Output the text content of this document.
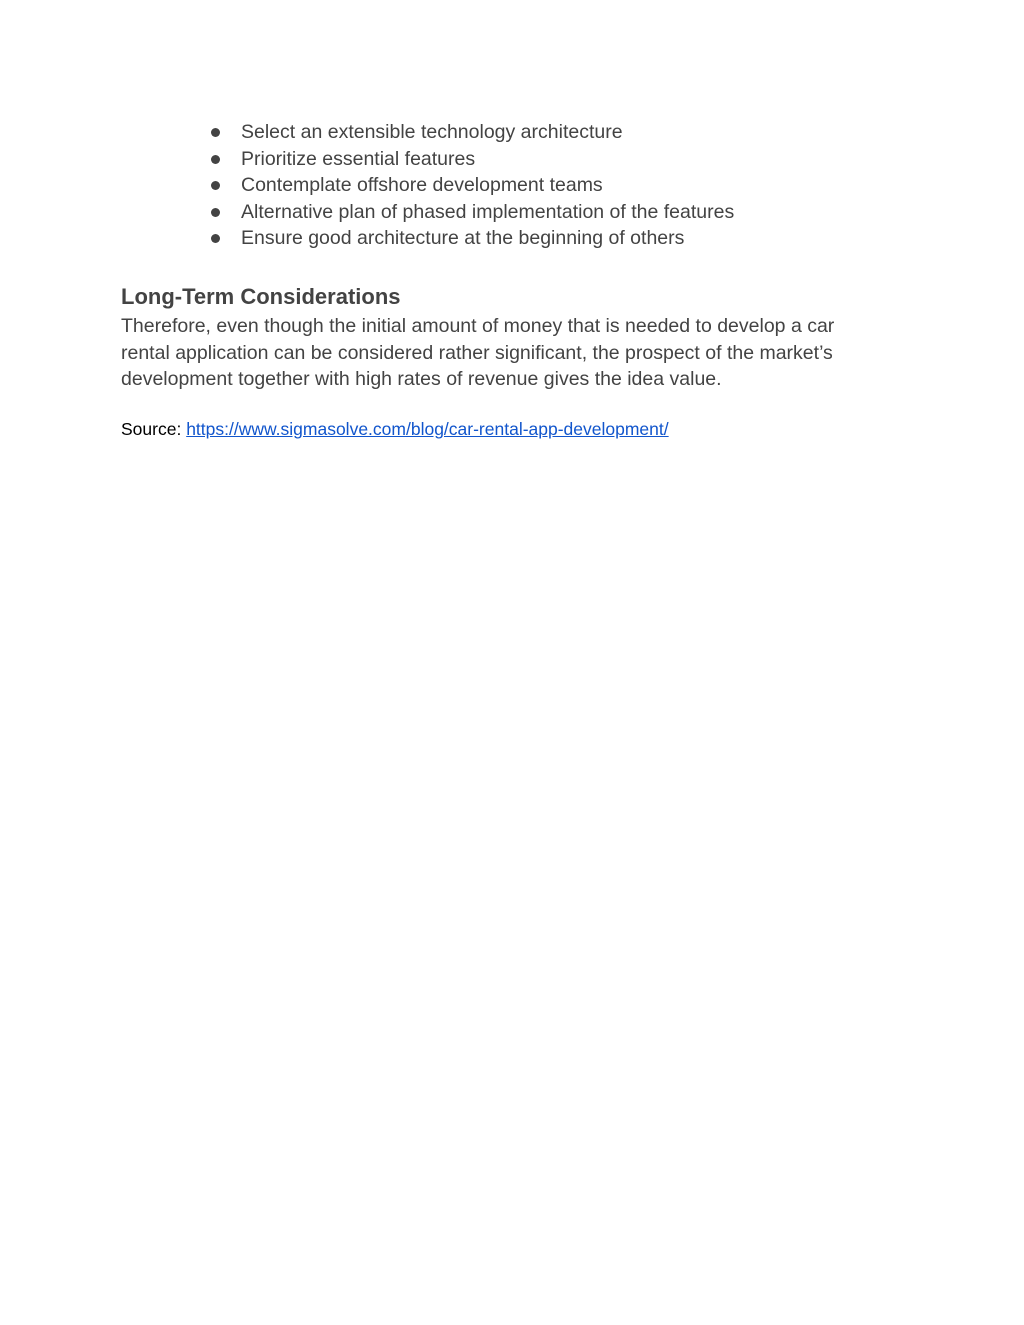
Select an extensible technology architecture
Prioritize essential features
Contemplate offshore development teams
Alternative plan of phased implementation of the features
Ensure good architecture at the beginning of others
Long-Term Considerations

Therefore, even though the initial amount of money that is needed to develop a car rental application can be considered rather significant, the prospect of the market’s development together with high rates of revenue gives the idea value.

Source: https://www.sigmasolve.com/blog/car-rental-app-development/
